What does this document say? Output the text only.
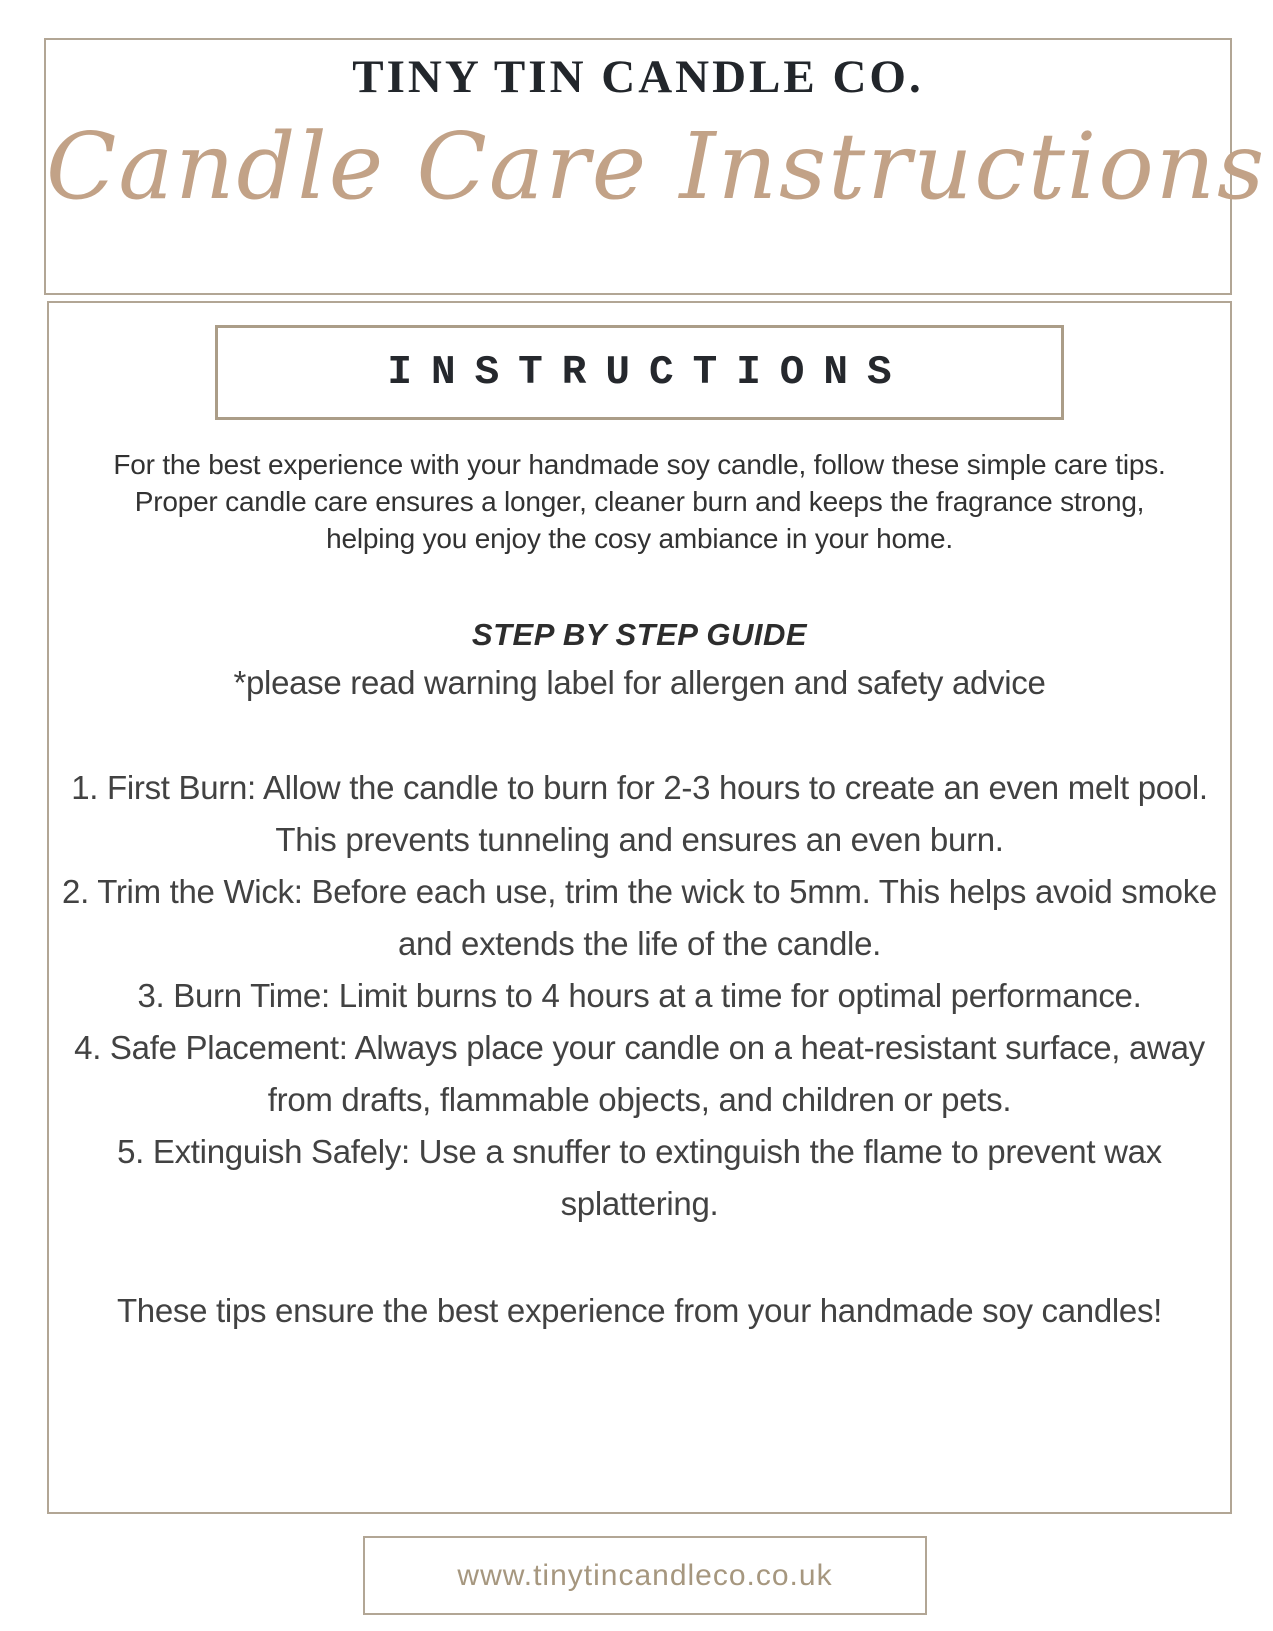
TINY TIN CANDLE CO.
Candle Care Instructions
INSTRUCTIONS

For the best experience with your handmade soy candle, follow these simple care tips. Proper candle care ensures a longer, cleaner burn and keeps the fragrance strong, helping you enjoy the cosy ambiance in your home.

STEP BY STEP GUIDE
*please read warning label for allergen and safety advice

1. First Burn: Allow the candle to burn for 2-3 hours to create an even melt pool. This prevents tunneling and ensures an even burn.

2. Trim the Wick: Before each use, trim the wick to 5mm. This helps avoid smoke and extends the life of the candle.

3. Burn Time: Limit burns to 4 hours at a time for optimal performance.

4. Safe Placement: Always place your candle on a heat-resistant surface, away from drafts, flammable objects, and children or pets.

5. Extinguish Safely: Use a snuffer to extinguish the flame to prevent wax splattering.

These tips ensure the best experience from your handmade soy candles!

www.tinytincandleco.co.uk
